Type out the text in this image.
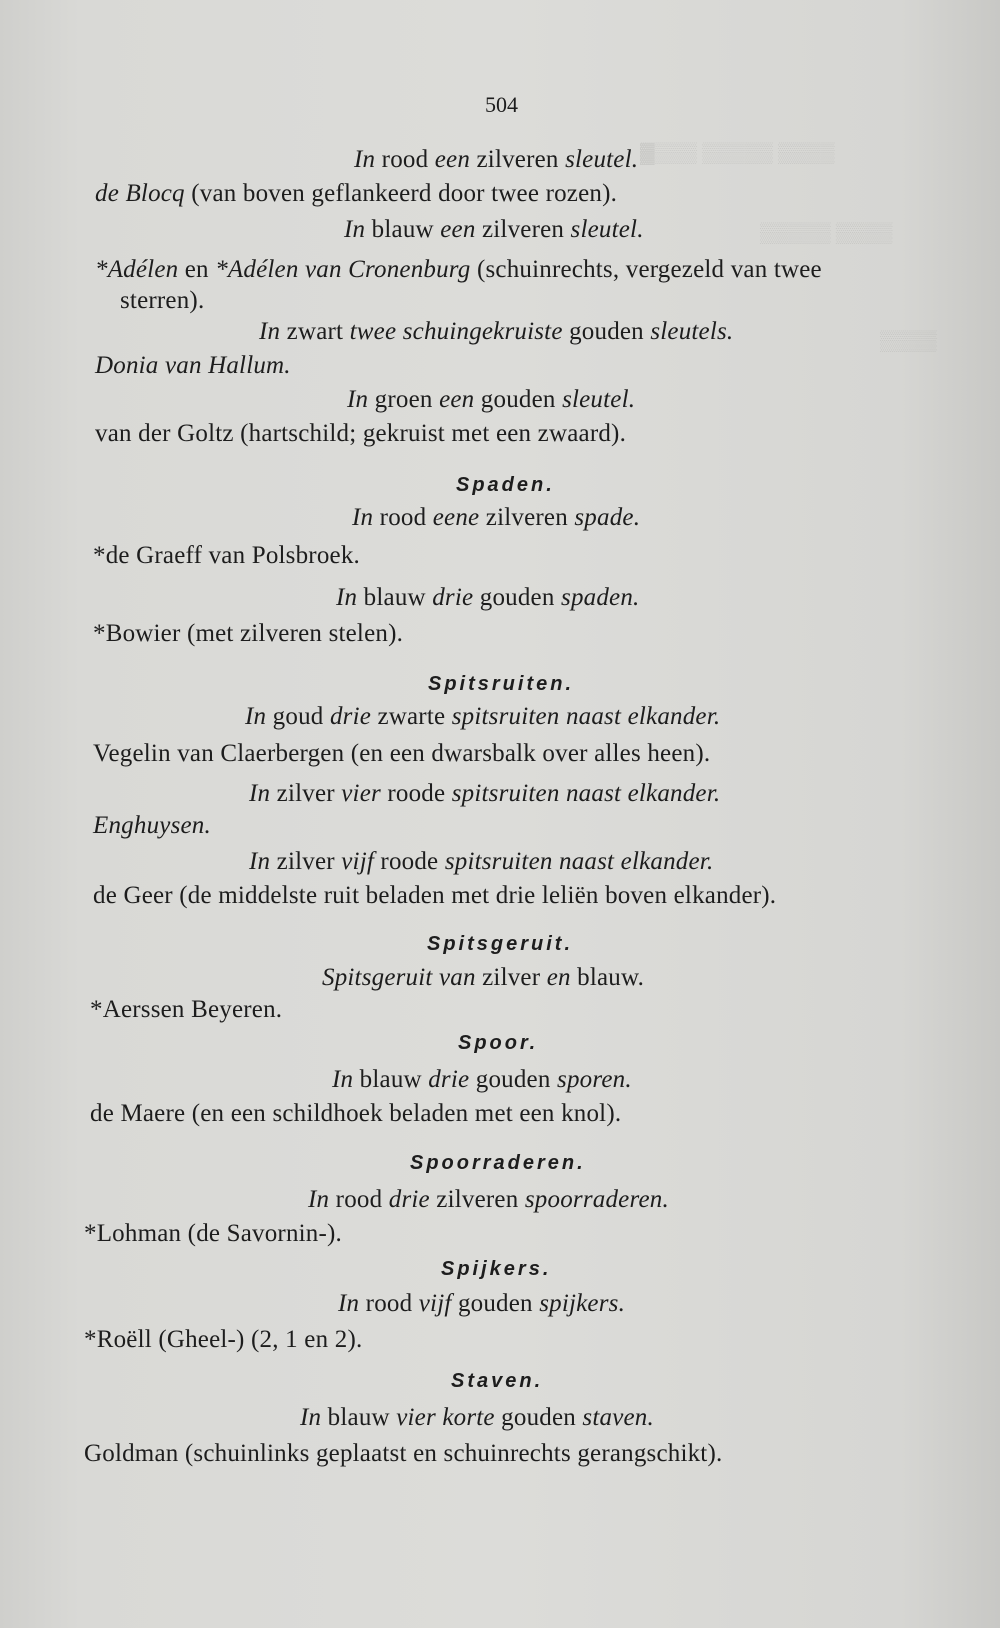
▓▒▒▒ ▒▒▒▒▒ ▒▒▒▒
▒▒▒▒▒ ▒▒▒▒
▒▒▒▒
504
In rood een zilveren sleutel.
de Blocq (van boven geflankeerd door twee rozen).
In blauw een zilveren sleutel.
*Adélen en *Adélen van Cronenburg (schuinrechts, vergezeld van twee
sterren).
In zwart twee schuingekruiste gouden sleutels.
Donia van Hallum.
In groen een gouden sleutel.
van der Goltz (hartschild; gekruist met een zwaard).
Spaden.
In rood eene zilveren spade.
*de Graeff van Polsbroek.
In blauw drie gouden spaden.
*Bowier (met zilveren stelen).
Spitsruiten.
In goud drie zwarte spitsruiten naast elkander.
Vegelin van Claerbergen (en een dwarsbalk over alles heen).
In zilver vier roode spitsruiten naast elkander.
Enghuysen.
In zilver vijf roode spitsruiten naast elkander.
de Geer (de middelste ruit beladen met drie leliën boven elkander).
Spitsgeruit.
Spitsgeruit van zilver en blauw.
*Aerssen Beyeren.
Spoor.
In blauw drie gouden sporen.
de Maere (en een schildhoek beladen met een knol).
Spoorraderen.
In rood drie zilveren spoorraderen.
*Lohman (de Savornin-).
Spijkers.
In rood vijf gouden spijkers.
*Roëll (Gheel-) (2, 1 en 2).
Staven.
In blauw vier korte gouden staven.
Goldman (schuinlinks geplaatst en schuinrechts gerangschikt).
